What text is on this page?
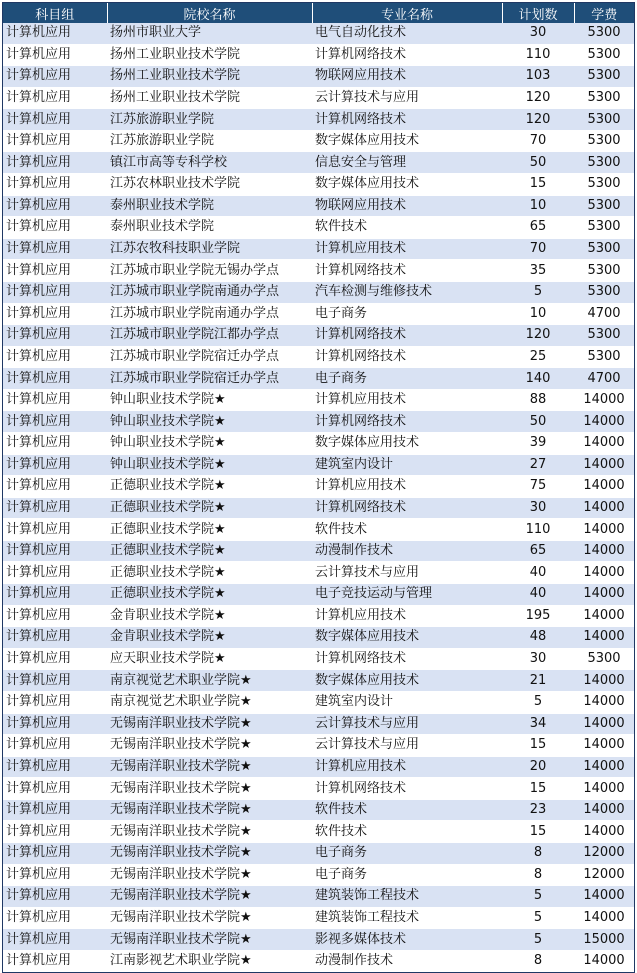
科目组	院校名称	专业名称	计划数	学费
计算机应用	扬州市职业大学	电气自动化技术	30	5300
计算机应用	扬州工业职业技术学院	计算机网络技术	110	5300
计算机应用	扬州工业职业技术学院	物联网应用技术	103	5300
计算机应用	扬州工业职业技术学院	云计算技术与应用	120	5300
计算机应用	江苏旅游职业学院	计算机网络技术	120	5300
计算机应用	江苏旅游职业学院	数字媒体应用技术	70	5300
计算机应用	镇江市高等专科学校	信息安全与管理	50	5300
计算机应用	江苏农林职业技术学院	数字媒体应用技术	15	5300
计算机应用	泰州职业技术学院	物联网应用技术	10	5300
计算机应用	泰州职业技术学院	软件技术	65	5300
计算机应用	江苏农牧科技职业学院	计算机应用技术	70	5300
计算机应用	江苏城市职业学院无锡办学点	计算机网络技术	35	5300
计算机应用	江苏城市职业学院南通办学点	汽车检测与维修技术	5	5300
计算机应用	江苏城市职业学院南通办学点	电子商务	10	4700
计算机应用	江苏城市职业学院江都办学点	计算机网络技术	120	5300
计算机应用	江苏城市职业学院宿迁办学点	计算机网络技术	25	5300
计算机应用	江苏城市职业学院宿迁办学点	电子商务	140	4700
计算机应用	钟山职业技术学院★	计算机应用技术	88	14000
计算机应用	钟山职业技术学院★	计算机网络技术	50	14000
计算机应用	钟山职业技术学院★	数字媒体应用技术	39	14000
计算机应用	钟山职业技术学院★	建筑室内设计	27	14000
计算机应用	正德职业技术学院★	计算机应用技术	75	14000
计算机应用	正德职业技术学院★	计算机网络技术	30	14000
计算机应用	正德职业技术学院★	软件技术	110	14000
计算机应用	正德职业技术学院★	动漫制作技术	65	14000
计算机应用	正德职业技术学院★	云计算技术与应用	40	14000
计算机应用	正德职业技术学院★	电子竞技运动与管理	40	14000
计算机应用	金肯职业技术学院★	计算机应用技术	195	14000
计算机应用	金肯职业技术学院★	数字媒体应用技术	48	14000
计算机应用	应天职业技术学院★	计算机网络技术	30	5300
计算机应用	南京视觉艺术职业学院★	数字媒体应用技术	21	14000
计算机应用	南京视觉艺术职业学院★	建筑室内设计	5	14000
计算机应用	无锡南洋职业技术学院★	云计算技术与应用	34	14000
计算机应用	无锡南洋职业技术学院★	云计算技术与应用	15	14000
计算机应用	无锡南洋职业技术学院★	计算机应用技术	20	14000
计算机应用	无锡南洋职业技术学院★	计算机网络技术	15	14000
计算机应用	无锡南洋职业技术学院★	软件技术	23	14000
计算机应用	无锡南洋职业技术学院★	软件技术	15	14000
计算机应用	无锡南洋职业技术学院★	电子商务	8	12000
计算机应用	无锡南洋职业技术学院★	电子商务	8	12000
计算机应用	无锡南洋职业技术学院★	建筑装饰工程技术	5	14000
计算机应用	无锡南洋职业技术学院★	建筑装饰工程技术	5	14000
计算机应用	无锡南洋职业技术学院★	影视多媒体技术	5	15000
计算机应用	江南影视艺术职业学院★	动漫制作技术	8	14000
